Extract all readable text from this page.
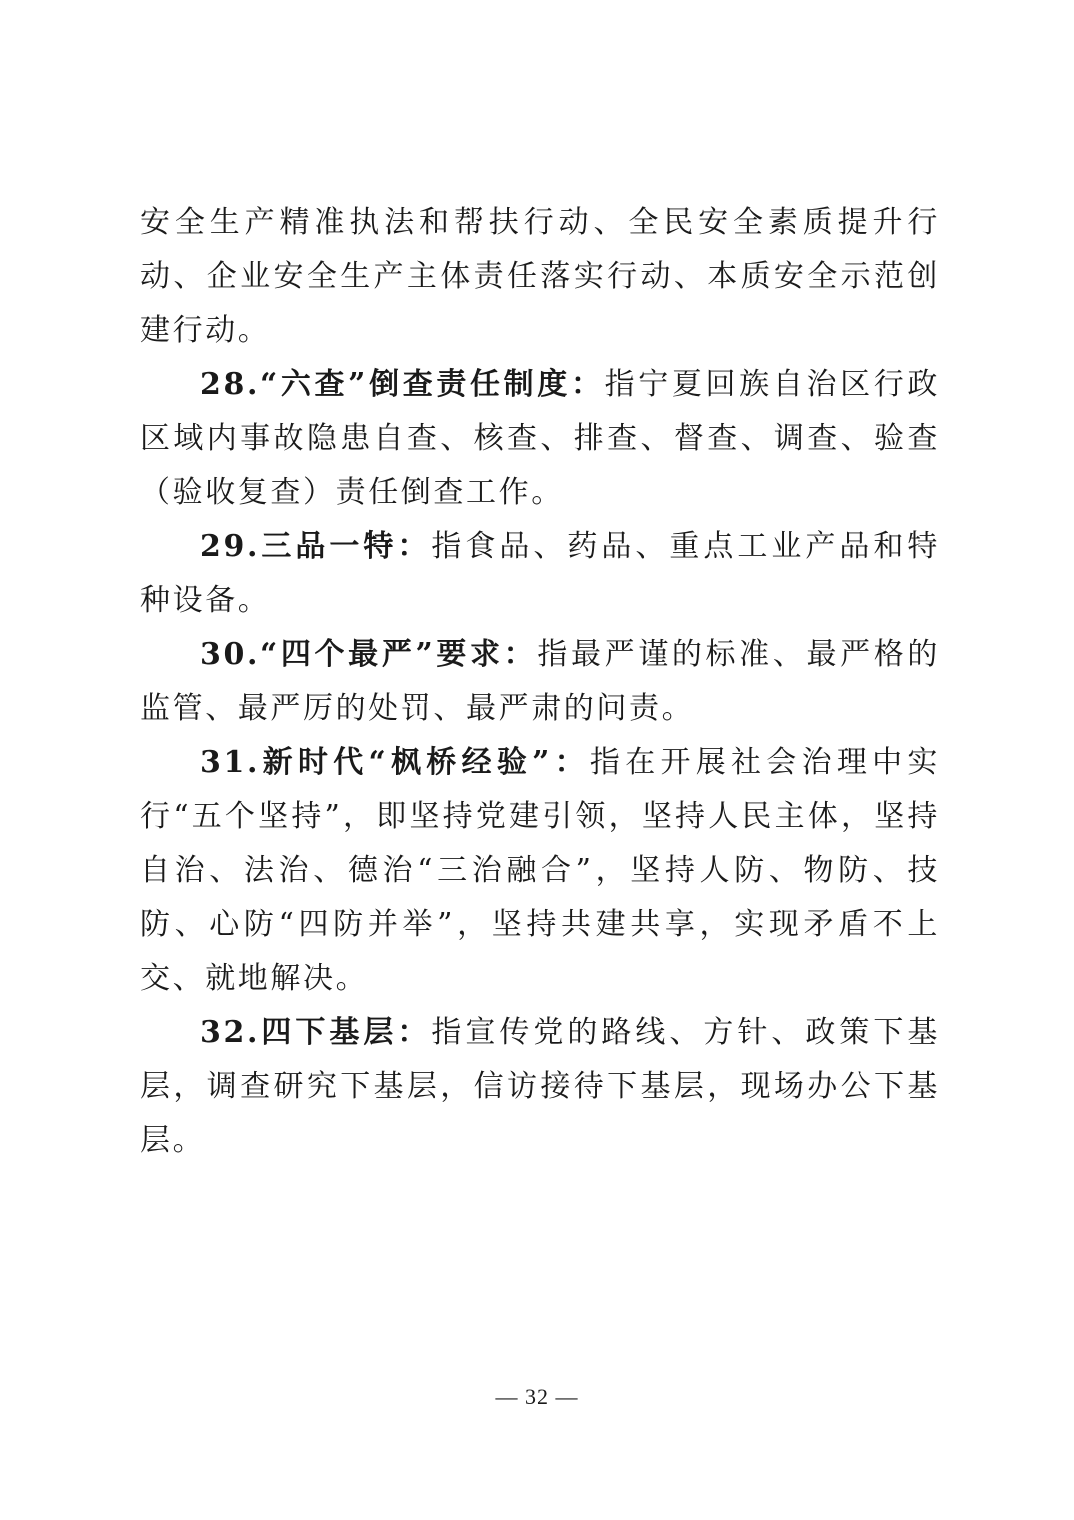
安全生产精准执法和帮扶行动、全民安全素质提升行动、企业安全生产主体责任落实行动、本质安全示范创建行动。

28.“六查”倒查责任制度：指宁夏回族自治区行政区域内事故隐患自查、核查、排查、督查、调查、验查（验收复查）责任倒查工作。

29.三品一特：指食品、药品、重点工业产品和特种设备。

30.“四个最严”要求：指最严谨的标准、最严格的监管、最严厉的处罚、最严肃的问责。

31.新时代“枫桥经验”：指在开展社会治理中实行“五个坚持”，即坚持党建引领，坚持人民主体，坚持自治、法治、德治“三治融合”，坚持人防、物防、技防、心防“四防并举”，坚持共建共享，实现矛盾不上交、就地解决。

32.四下基层：指宣传党的路线、方针、政策下基层，调查研究下基层，信访接待下基层，现场办公下基层。

— 32 —
